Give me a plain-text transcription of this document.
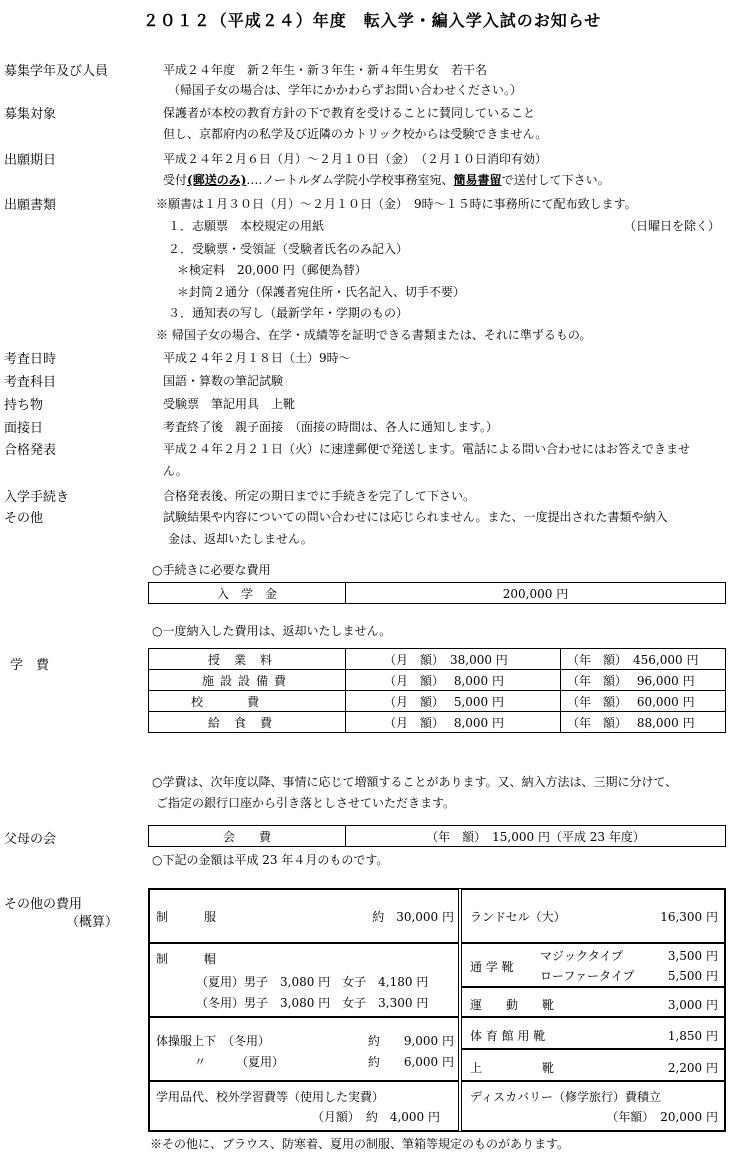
２０１２（平成２４）年度　転入学・編入学入試のお知らせ
募集学年及び人員	平成２４年度　新２年生・新３年生・新４年生男女　若干名
（帰国子女の場合は、学年にかかわらずお問い合わせください。）
募集対象	保護者が本校の教育方針の下で教育を受けることに賛同していること
但し、京都府内の私学及び近隣のカトリック校からは受験できません。
出願期日	平成２４年２月６日（月）～２月１０日（金）　（２月１０日消印有効）
受付(郵送のみ)‥‥ノートルダム学院小学校事務室宛、簡易書留で送付して下さい。
出願書類	※願書は１月３０日（月）～２月１０日（金）　9時～１５時に事務所にて配布致します。
１．志願票　本校規定の用紙	（日曜日を除く）
２．受験票・受領証（受験者氏名のみ記入）
＊検定料　20,000 円（郵便為替）
＊封筒２通分（保護者宛住所・氏名記入、切手不要）
３．通知表の写し（最新学年・学期のもの）
※ 帰国子女の場合、在学・成績等を証明できる書類または、それに準ずるもの。
考査日時	平成２４年２月１８日（土）9時～
考査科目	国語・算数の筆記試験
持ち物	受験票　筆記用具　上靴
面接日	考査終了後　親子面接　（面接の時間は、各人に通知します。）
合格発表	平成２４年２月２１日（火）に速達郵便で発送します。電話による問い合わせにはお答えできませ
ん。
入学手続き	合格発表後、所定の期日までに手続きを完了して下さい。
その他	試験結果や内容についての問い合わせには応じられません。また、一度提出された書類や納入
金は、返却いたしません。
○手続きに必要な費用
入　学　金	200,000 円
○一度納入した費用は、返却いたしません。
学　費	授業料	（月　額）　38,000 円	（年　額）　456,000 円
施設設備費	（月　額）　 8,000 円	（年　額）　 96,000 円
校費	（月　額）　 5,000 円	（年　額）　 60,000 円
給食費	（月　額）　 8,000 円	（年　額）　 88,000 円
○学費は、次年度以降、事情に応じて増額することがあります。又、納入方法は、三期に分けて、
ご指定の銀行口座から引き落としさせていただきます。
父母の会	会　　費	（年　額）　15,000 円（平成 23 年度）
○下記の金額は平成 23 年４月のものです。
その他の費用
（概算）	制　　　服	約　30,000 円
制　　　帽
（夏用）男子　3,080 円　女子　4,180 円
（冬用）男子　3,080 円　女子　3,300 円
体操服上下　（冬用）	約　　9,000 円
〃　　　（夏用）	約　　6,000 円
学用品代、校外学習費等（使用した実費）
（月額）　約　4,000 円
ランドセル（大）	16,300 円
通 学 靴
マジックタイプ	3,500 円
ローファータイプ	5,500 円
運　　動　　靴	3,000 円
体 育 館 用 靴	1,850 円
上　　　　　靴	2,200 円
ディスカバリー（修学旅行）費積立
（年額）　20,000 円
※その他に、ブラウス、防寒着、夏用の制服、筆箱等規定のものがあります。
